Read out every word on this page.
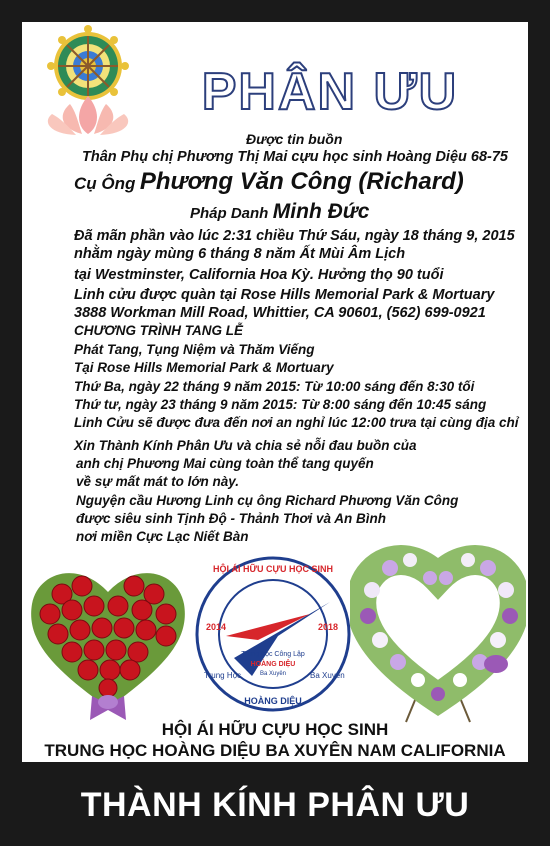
PHÂN ƯU
Được tin buồn
Thân Phụ chị Phương Thị Mai cựu học sinh Hoàng Diệu 68-75
Cụ Ông Phương Văn Công (Richard)
Pháp Danh Minh Đức
Đã mãn phần vào lúc 2:31 chiều Thứ Sáu, ngày 18 tháng 9, 2015
nhằm ngày mùng 6 tháng 8 năm Ất Mùi Âm Lịch
tại Westminster, California Hoa Kỳ. Hưởng thọ 90 tuổi
Linh cửu được quàn tại Rose Hills Memorial Park & Mortuary
3888 Workman Mill Road, Whittier, CA 90601, (562) 699-0921
CHƯƠNG TRÌNH TANG LỄ
Phát Tang, Tụng Niệm và Thăm Viếng
Tại Rose Hills Memorial Park & Mortuary
Thứ Ba, ngày 22 tháng 9 năm 2015: Từ 10:00 sáng đến 8:30 tối
Thứ tư, ngày 23 tháng 9 năm 2015: Từ 8:00 sáng đến 10:45 sáng
Linh Cửu sẽ được đưa đến nơi an nghỉ lúc 12:00 trưa tại cùng địa chỉ
Xin Thành Kính Phân Ưu và chia sẻ nỗi đau buồn của
anh chị Phương Mai cùng toàn thể tang quyến
về sự mất mát to lớn này.
Nguyện cầu Hương Linh cụ ông Richard Phương Văn Công
được siêu sinh Tịnh Độ - Thảnh Thơi và An Bình
nơi miền Cực Lạc Niết Bàn
Trung học Công Lập
HOÀNG DIỆU
Ba Xuyên
HỘI ÁI HỮU CỰU HỌC SINH
2014	2018
Trung Học	Ba Xuyên
HOÀNG DIỆU
HỘI ÁI HỮU CỰU HỌC SINH
TRUNG HỌC HOÀNG DIỆU BA XUYÊN NAM CALIFORNIA
THÀNH KÍNH PHÂN ƯU
